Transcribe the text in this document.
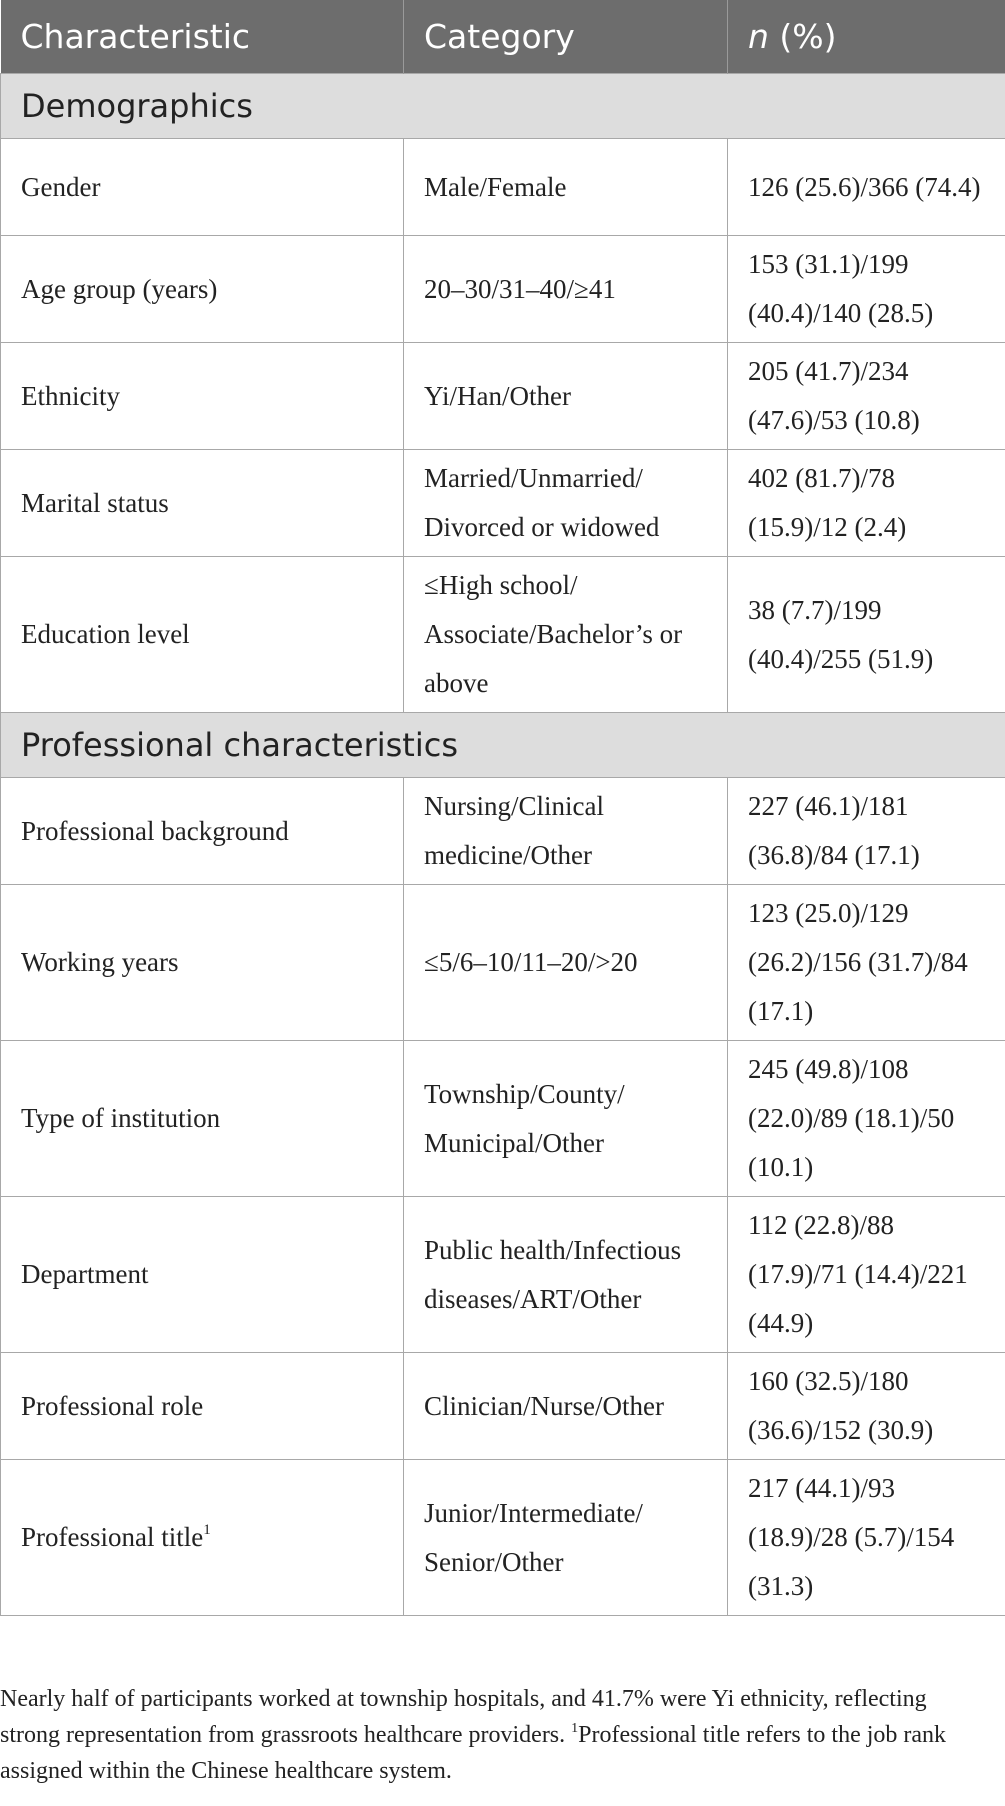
Characteristic	Category	n (%)
Demographics		
Gender	Male/Female	126 (25.6)/366 (74.4)
Age group (years)	20–30/31–40/≥41	153 (31.1)/199 (40.4)/140 (28.5)
Ethnicity	Yi/Han/Other	205 (41.7)/234 (47.6)/53 (10.8)
Marital status	Married/Unmarried/ Divorced or widowed	402 (81.7)/78 (15.9)/12 (2.4)
Education level	≤High school/ Associate/Bachelor’s or above	38 (7.7)/199 (40.4)/255 (51.9)
Professional characteristics		
Professional background	Nursing/Clinical medicine/Other	227 (46.1)/181 (36.8)/84 (17.1)
Working years	≤5/6–10/11–20/>20	123 (25.0)/129 (26.2)/156 (31.7)/84 (17.1)
Type of institution	Township/County/ Municipal/Other	245 (49.8)/108 (22.0)/89 (18.1)/50 (10.1)
Department	Public health/Infectious diseases/ART/Other	112 (22.8)/88 (17.9)/71 (14.4)/221 (44.9)
Professional role	Clinician/Nurse/Other	160 (32.5)/180 (36.6)/152 (30.9)
Professional title$^1$	Junior/Intermediate/ Senior/Other	217 (44.1)/93 (18.9)/28 (5.7)/154 (31.3)
Nearly half of participants worked at township hospitals, and 41.7% were Yi ethnicity, reflecting strong representation from grassroots healthcare providers. $^1$Professional title refers to the job rank assigned within the Chinese healthcare system.
